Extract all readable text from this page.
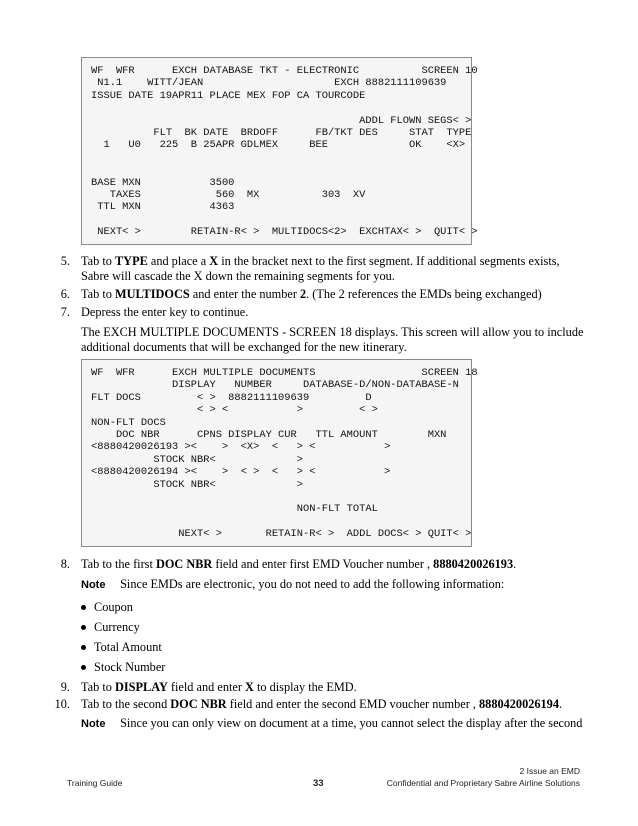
WF  WFR      EXCH DATABASE TKT - ELECTRONIC          SCREEN 10
N1.1    WITT/JEAN                     EXCH 8882111109639
ISSUE DATE 19APR11 PLACE MEX FOP CA TOURCODE

ADDL FLOWN SEGS< >
FLT  BK DATE  BRDOFF      FB/TKT DES     STAT  TYPE
1   U0   225  B 25APR GDLMEX     BEE             OK    <X>

BASE MXN           3500
TAXES            560  MX          303  XV
TTL MXN           4363

NEXT< >        RETAIN-R< >  MULTIDOCS<2>  EXCHTAX< >  QUIT< >
5. Tab to TYPE and place a X in the bracket next to the first segment. If additional segments exists, Sabre will cascade the X down the remaining segments for you.
6. Tab to MULTIDOCS and enter the number 2. (The 2 references the EMDs being exchanged)
7. Depress the enter key to continue.
The EXCH MULTIPLE DOCUMENTS - SCREEN 18 displays. This screen will allow you to include additional documents that will be exchanged for the new itinerary.
WF  WFR      EXCH MULTIPLE DOCUMENTS                 SCREEN 18
DISPLAY   NUMBER     DATABASE-D/NON-DATABASE-N
FLT DOCS         < >  8882111109639         D
< > <           >         < >
NON-FLT DOCS
DOC NBR      CPNS DISPLAY CUR   TTL AMOUNT        MXN
<8880420026193 ><    >  <X>  <   > <           >
STOCK NBR<             >
<8880420026194 ><    >  < >  <   > <           >
STOCK NBR<             >

NON-FLT TOTAL

NEXT< >       RETAIN-R< >  ADDL DOCS< > QUIT< >
8. Tab to the first DOC NBR field and enter first EMD Voucher number , 8880420026193.
Note Since EMDs are electronic, you do not need to add the following information:
Coupon
Currency
Total Amount
Stock Number
9. Tab to DISPLAY field and enter X to display the EMD.
10. Tab to the second DOC NBR field and enter the second EMD voucher number , 8880420026194.
Note Since you can only view on document at a time, you cannot select the display after the second
2 Issue an EMD
Training Guide	33	Confidential and Proprietary Sabre Airline Solutions
